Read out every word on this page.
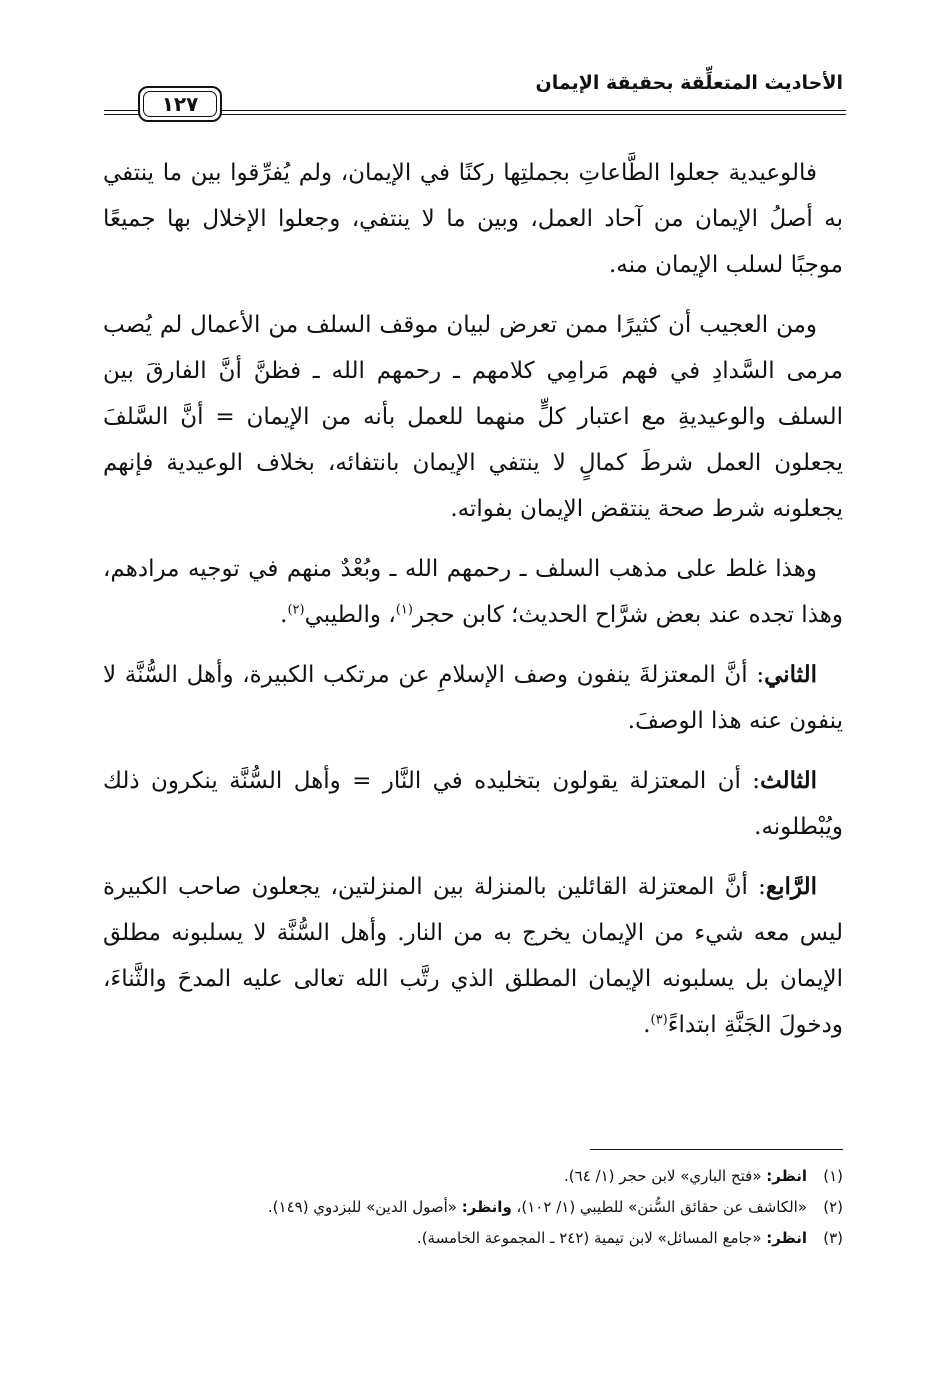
الأحاديث المتعلِّقة بحقيقة الإيمان
١٢٧

فالوعيدية جعلوا الطَّاعاتِ بجملتِها ركنًا في الإيمان، ولم يُفرِّقوا بين ما ينتفي به أصلُ الإيمان من آحاد العمل، وبين ما لا ينتفي، وجعلوا الإخلال بها جميعًا موجبًا لسلب الإيمان منه.

ومن العجيب أن كثيرًا ممن تعرض لبيان موقف السلف من الأعمال لم يُصب مرمى السَّدادِ في فهم مَرامِي كلامهم ـ رحمهم الله ـ فظنَّ أنَّ الفارقَ بين السلف والوعيديةِ مع اعتبار كلٍّ منهما للعمل بأنه من الإيمان = أنَّ السَّلفَ يجعلون العمل شرطَ كمالٍ لا ينتفي الإيمان بانتفائه، بخلاف الوعيدية فإنهم يجعلونه شرط صحة ينتقض الإيمان بفواته.

وهذا غلط على مذهب السلف ـ رحمهم الله ـ وبُعْدٌ منهم في توجيه مرادهم، وهذا تجده عند بعض شرَّاح الحديث؛ كابن حجر$^{(١)}$، والطيبي$^{(٢)}$.

الثاني: أنَّ المعتزلةَ ينفون وصف الإسلامِ عن مرتكب الكبيرة، وأهل السُّنَّة لا ينفون عنه هذا الوصفَ.

الثالث: أن المعتزلة يقولون بتخليده في النَّار = وأهل السُّنَّة ينكرون ذلك ويُبْطلونه.

الرَّابع: أنَّ المعتزلة القائلين بالمنزلة بين المنزلتين، يجعلون صاحب الكبيرة ليس معه شيء من الإيمان يخرج به من النار. وأهل السُّنَّة لا يسلبونه مطلق الإيمان بل يسلبونه الإيمان المطلق الذي رتَّب الله تعالى عليه المدحَ والثَّناءَ، ودخولَ الجَنَّةِ ابتداءً$^{(٣)}$.

(١)
انظر: «فتح الباري» لابن حجر (١/ ٦٤).
(٢)
«الكاشف عن حقائق السُّنن» للطيبي (١/ ١٠٢)، وانظر: «أصول الدين» للبزدوي (١٤٩).
(٣)
انظر: «جامع المسائل» لابن تيمية (٢٤٢ ـ المجموعة الخامسة).
